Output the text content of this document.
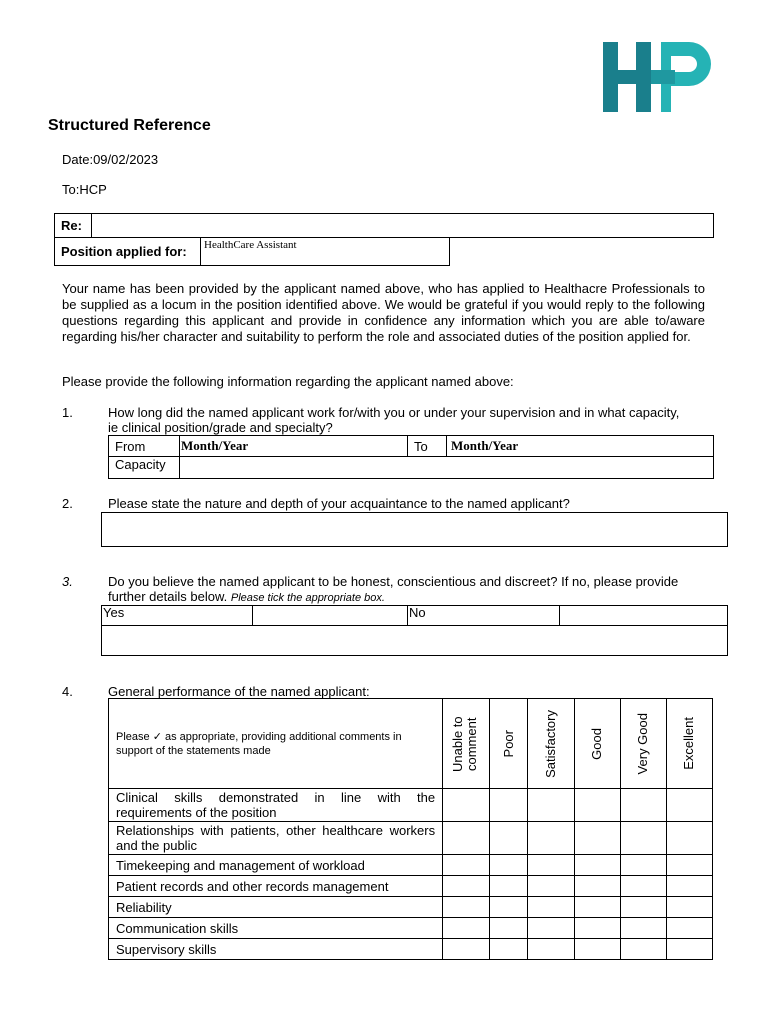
Structured Reference
Date:09/02/2023
To:HCP
Re:	
Position applied for:	HealthCare Assistant
Your name has been provided by the applicant named above, who has applied to Healthacre Professionals to be supplied as a locum in the position identified above. We would be grateful if you would reply to the following questions regarding this applicant and provide in confidence any information which you are able to/aware regarding his/her character and suitability to perform the role and associated duties of the position applied for.
Please provide the following information regarding the applicant named above:
1.	How long did the named applicant work for/with you or under your supervision and in what capacity, ie clinical position/grade and specialty?
From	Month/Year	To	Month/Year
Capacity			
2.	Please state the nature and depth of your acquaintance to the named applicant?
3.	Do you believe the named applicant to be honest, conscientious and discreet? If no, please provide further details below. Please tick the appropriate box.
Yes		No	

4.	General performance of the named applicant:
Please ✓ as appropriate, providing additional comments in support of the statements made	Unable to comment	Poor	Satisfactory	Good	Very Good	Excellent

Clinical skills demonstrated in line with the requirements of the position						
Relationships with patients, other healthcare workers and the public						
Timekeeping and management of workload						
Patient records and other records management						
Reliability						
Communication skills						
Supervisory skills						
